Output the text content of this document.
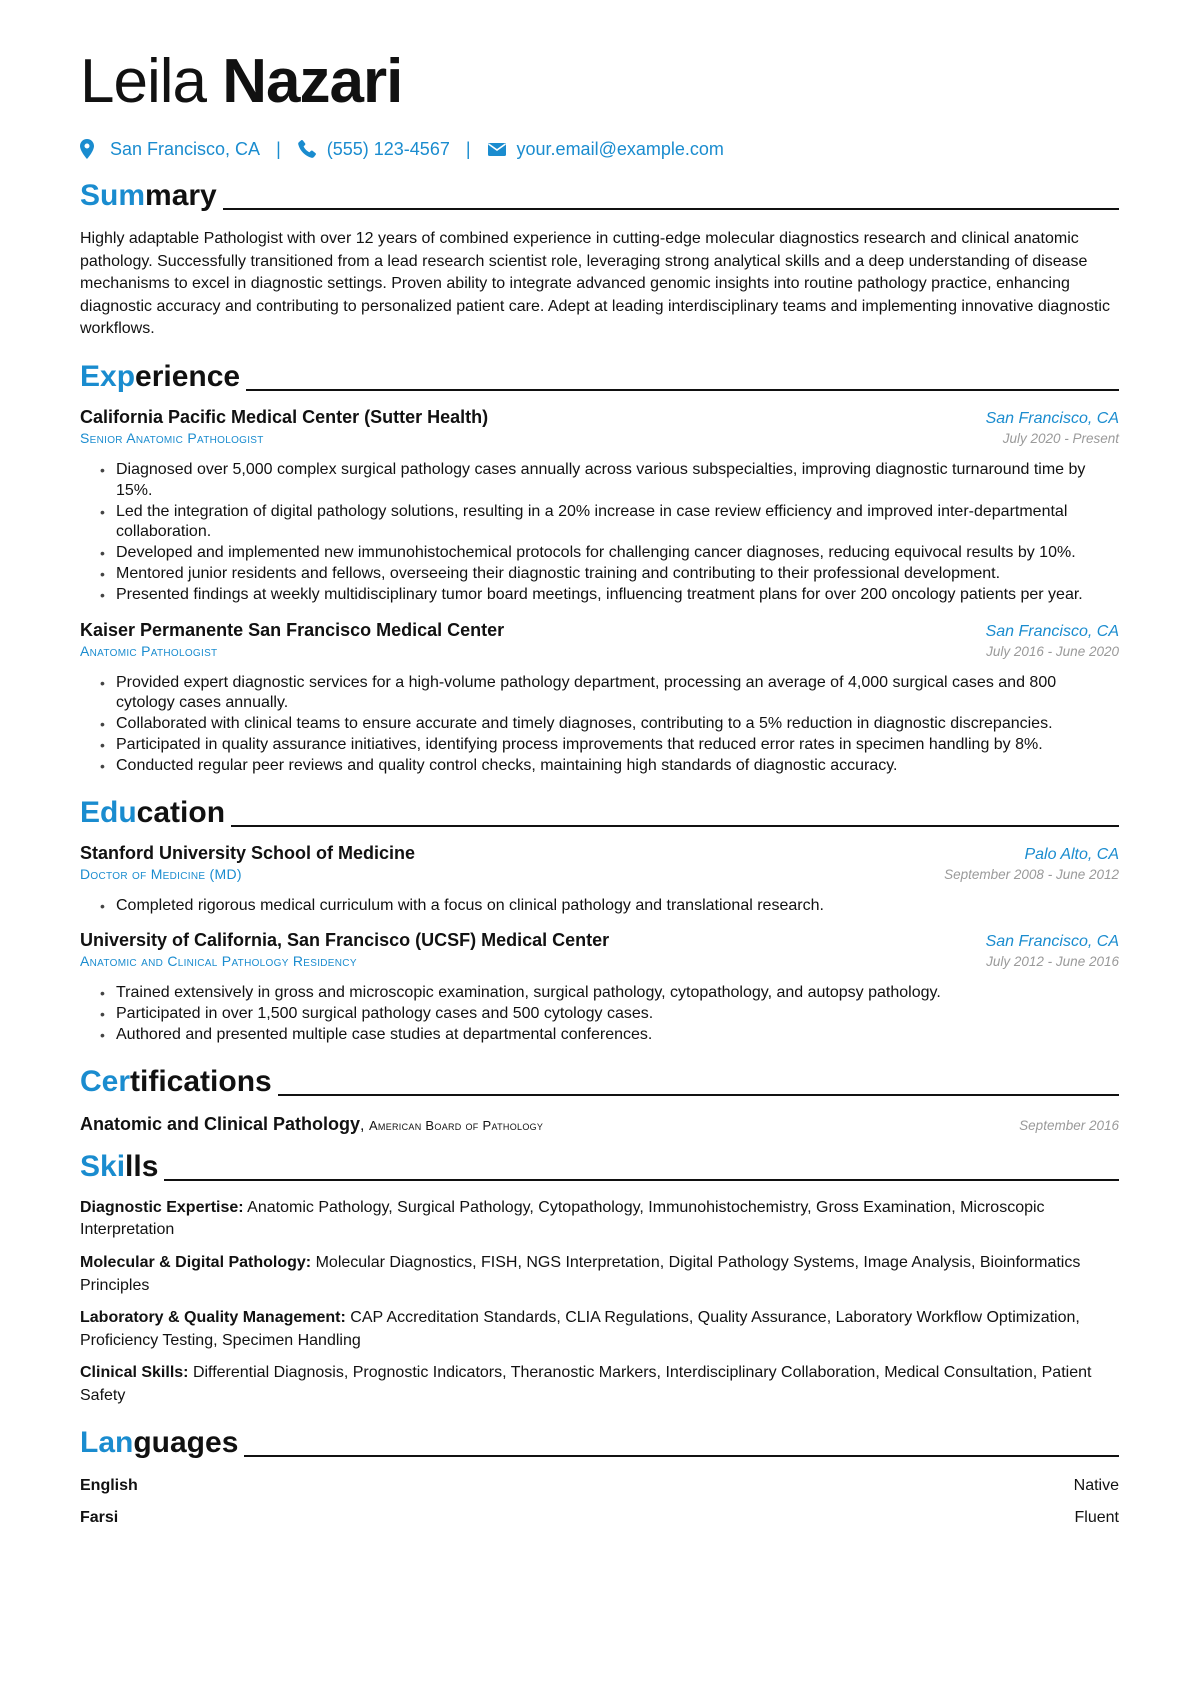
Leila Nazari
San Francisco, CA |	(555) 123-4567 |	your.email@example.com
Summary

Highly adaptable Pathologist with over 12 years of combined experience in cutting-edge molecular diagnostics research and clinical anatomic pathology. Successfully transitioned from a lead research scientist role, leveraging strong analytical skills and a deep understanding of disease mechanisms to excel in diagnostic settings. Proven ability to integrate advanced genomic insights into routine pathology practice, enhancing diagnostic accuracy and contributing to personalized patient care. Adept at leading interdisciplinary teams and implementing innovative diagnostic workflows.

Experience
California Pacific Medical Center (Sutter Health)	San Francisco, CA
Senior Anatomic Pathologist	July 2020 - Present
• Diagnosed over 5,000 complex surgical pathology cases annually across various subspecialties, improving diagnostic turnaround time by 15%.
• Led the integration of digital pathology solutions, resulting in a 20% increase in case review efficiency and improved inter-departmental collaboration.
• Developed and implemented new immunohistochemical protocols for challenging cancer diagnoses, reducing equivocal results by 10%.
• Mentored junior residents and fellows, overseeing their diagnostic training and contributing to their professional development.
• Presented findings at weekly multidisciplinary tumor board meetings, influencing treatment plans for over 200 oncology patients per year.
Kaiser Permanente San Francisco Medical Center	San Francisco, CA
Anatomic Pathologist	July 2016 - June 2020
• Provided expert diagnostic services for a high-volume pathology department, processing an average of 4,000 surgical cases and 800 cytology cases annually.
• Collaborated with clinical teams to ensure accurate and timely diagnoses, contributing to a 5% reduction in diagnostic discrepancies.
• Participated in quality assurance initiatives, identifying process improvements that reduced error rates in specimen handling by 8%.
• Conducted regular peer reviews and quality control checks, maintaining high standards of diagnostic accuracy.
Education
Stanford University School of Medicine	Palo Alto, CA
Doctor of Medicine (MD)	September 2008 - June 2012
• Completed rigorous medical curriculum with a focus on clinical pathology and translational research.
University of California, San Francisco (UCSF) Medical Center	San Francisco, CA
Anatomic and Clinical Pathology Residency	July 2012 - June 2016
• Trained extensively in gross and microscopic examination, surgical pathology, cytopathology, and autopsy pathology.
• Participated in over 1,500 surgical pathology cases and 500 cytology cases.
• Authored and presented multiple case studies at departmental conferences.
Certifications
Anatomic and Clinical Pathology, American Board of Pathology	September 2016
Skills

Diagnostic Expertise: Anatomic Pathology, Surgical Pathology, Cytopathology, Immunohistochemistry, Gross Examination, Microscopic Interpretation

Molecular & Digital Pathology: Molecular Diagnostics, FISH, NGS Interpretation, Digital Pathology Systems, Image Analysis, Bioinformatics Principles

Laboratory & Quality Management: CAP Accreditation Standards, CLIA Regulations, Quality Assurance, Laboratory Workflow Optimization, Proficiency Testing, Specimen Handling

Clinical Skills: Differential Diagnosis, Prognostic Indicators, Theranostic Markers, Interdisciplinary Collaboration, Medical Consultation, Patient Safety

Languages
English	Native
Farsi	Fluent
